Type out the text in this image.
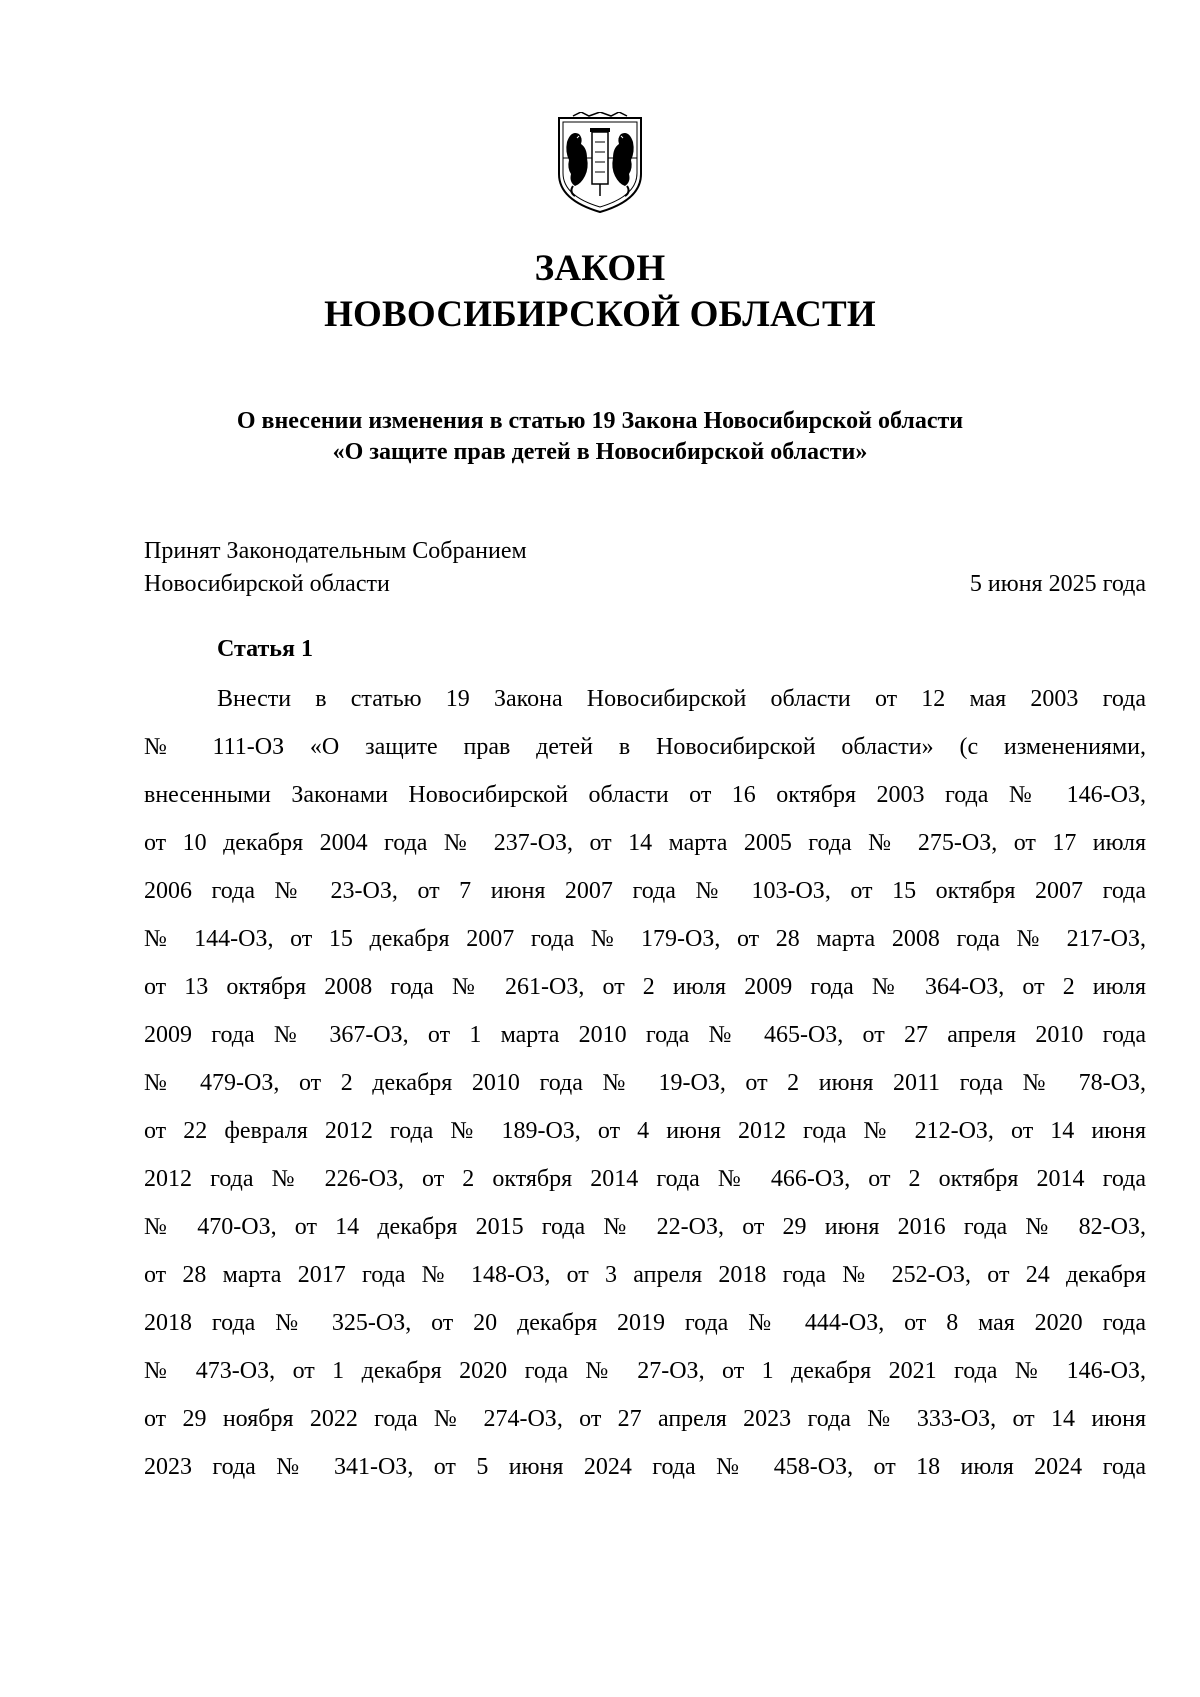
ЗАКОН
НОВОСИБИРСКОЙ ОБЛАСТИ
О внесении изменения в статью 19 Закона Новосибирской области
«О защите прав детей в Новосибирской области»
Принят Законодательным Собранием
Новосибирской области	5 июня 2025 года
Статья 1
Внести в статью 19 Закона Новосибирской области от 12 мая 2003 года
№ 111-ОЗ «О защите прав детей в Новосибирской области» (с изменениями,
внесенными Законами Новосибирской области от 16 октября 2003 года № 146-ОЗ,
от 10 декабря 2004 года № 237-ОЗ, от 14 марта 2005 года № 275-ОЗ, от 17 июля
2006 года № 23-ОЗ, от 7 июня 2007 года № 103-ОЗ, от 15 октября 2007 года
№ 144-ОЗ, от 15 декабря 2007 года № 179-ОЗ, от 28 марта 2008 года № 217-ОЗ,
от 13 октября 2008 года № 261-ОЗ, от 2 июля 2009 года № 364-ОЗ, от 2 июля
2009 года № 367-ОЗ, от 1 марта 2010 года № 465-ОЗ, от 27 апреля 2010 года
№ 479-ОЗ, от 2 декабря 2010 года № 19-ОЗ, от 2 июня 2011 года № 78-ОЗ,
от 22 февраля 2012 года № 189-ОЗ, от 4 июня 2012 года № 212-ОЗ, от 14 июня
2012 года № 226-ОЗ, от 2 октября 2014 года № 466-ОЗ, от 2 октября 2014 года
№ 470-ОЗ, от 14 декабря 2015 года № 22-ОЗ, от 29 июня 2016 года № 82-ОЗ,
от 28 марта 2017 года № 148-ОЗ, от 3 апреля 2018 года № 252-ОЗ, от 24 декабря
2018 года № 325-ОЗ, от 20 декабря 2019 года № 444-ОЗ, от 8 мая 2020 года
№ 473-ОЗ, от 1 декабря 2020 года № 27-ОЗ, от 1 декабря 2021 года № 146-ОЗ,
от 29 ноября 2022 года № 274-ОЗ, от 27 апреля 2023 года № 333-ОЗ, от 14 июня
2023 года № 341-ОЗ, от 5 июня 2024 года № 458-ОЗ, от 18 июля 2024 года
